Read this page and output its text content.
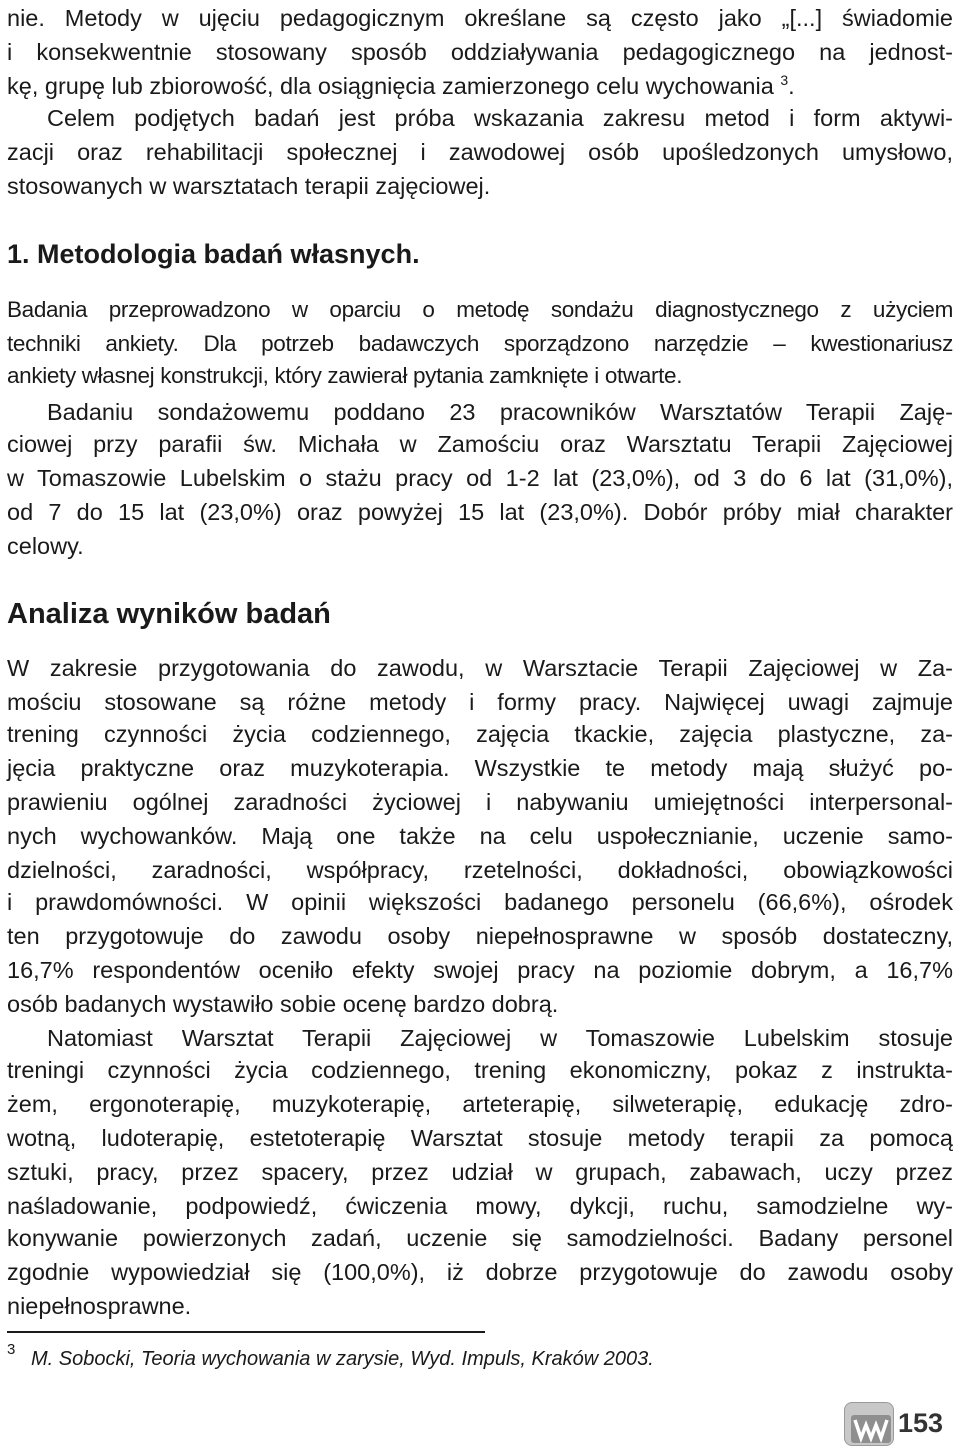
nie. Metody w ujęciu pedagogicznym określane są często jako „[...] świadomie
i konsekwentnie stosowany sposób oddziaływania pedagogicznego na jednost-
kę, grupę lub zbiorowość, dla osiągnięcia zamierzonego celu wychowania $^3$.
Celem podjętych badań jest próba wskazania zakresu metod i form aktywi-
zacji oraz rehabilitacji społecznej i zawodowej osób upośledzonych umysłowo,
stosowanych w warsztatach terapii zajęciowej.
1. Metodologia badań własnych.
Badania przeprowadzono w oparciu o metodę sondażu diagnostycznego z użyciem
techniki ankiety. Dla potrzeb badawczych sporządzono narzędzie – kwestionariusz
ankiety własnej konstrukcji, który zawierał pytania zamknięte i otwarte.
Badaniu sondażowemu poddano 23 pracowników Warsztatów Terapii Zaję-
ciowej przy parafii św. Michała w Zamościu oraz Warsztatu Terapii Zajęciowej
w Tomaszowie Lubelskim o stażu pracy od 1-2 lat (23,0%), od 3 do 6 lat (31,0%),
od 7 do 15 lat (23,0%) oraz powyżej 15 lat (23,0%). Dobór próby miał charakter
celowy.
Analiza wyników badań
W zakresie przygotowania do zawodu, w Warsztacie Terapii Zajęciowej w Za-
mościu stosowane są różne metody i formy pracy. Najwięcej uwagi zajmuje
trening czynności życia codziennego, zajęcia tkackie, zajęcia plastyczne, za-
jęcia praktyczne oraz muzykoterapia. Wszystkie te metody mają służyć po-
prawieniu ogólnej zaradności życiowej i nabywaniu umiejętności interpersonal-
nych wychowanków. Mają one także na celu uspołecznianie, uczenie samo-
dzielności, zaradności, współpracy, rzetelności, dokładności, obowiązkowości
i prawdomówności. W opinii większości badanego personelu (66,6%), ośrodek
ten przygotowuje do zawodu osoby niepełnosprawne w sposób dostateczny,
16,7% respondentów oceniło efekty swojej pracy na poziomie dobrym, a 16,7%
osób badanych wystawiło sobie ocenę bardzo dobrą.
Natomiast Warsztat Terapii Zajęciowej w Tomaszowie Lubelskim stosuje
treningi czynności życia codziennego, trening ekonomiczny, pokaz z instrukta-
żem, ergonoterapię, muzykoterapię, arteterapię, silweterapię, edukację zdro-
wotną, ludoterapię, estetoterapię Warsztat stosuje metody terapii za pomocą
sztuki, pracy, przez spacery, przez udział w grupach, zabawach, uczy przez
naśladowanie, podpowiedź, ćwiczenia mowy, dykcji, ruchu, samodzielne wy-
konywanie powierzonych zadań, uczenie się samodzielności. Badany personel
zgodnie wypowiedział się (100,0%), iż dobrze przygotowuje do zawodu osoby
niepełnosprawne.
3 M. Sobocki, Teoria wychowania w zarysie, Wyd. Impuls, Kraków 2003.
153
